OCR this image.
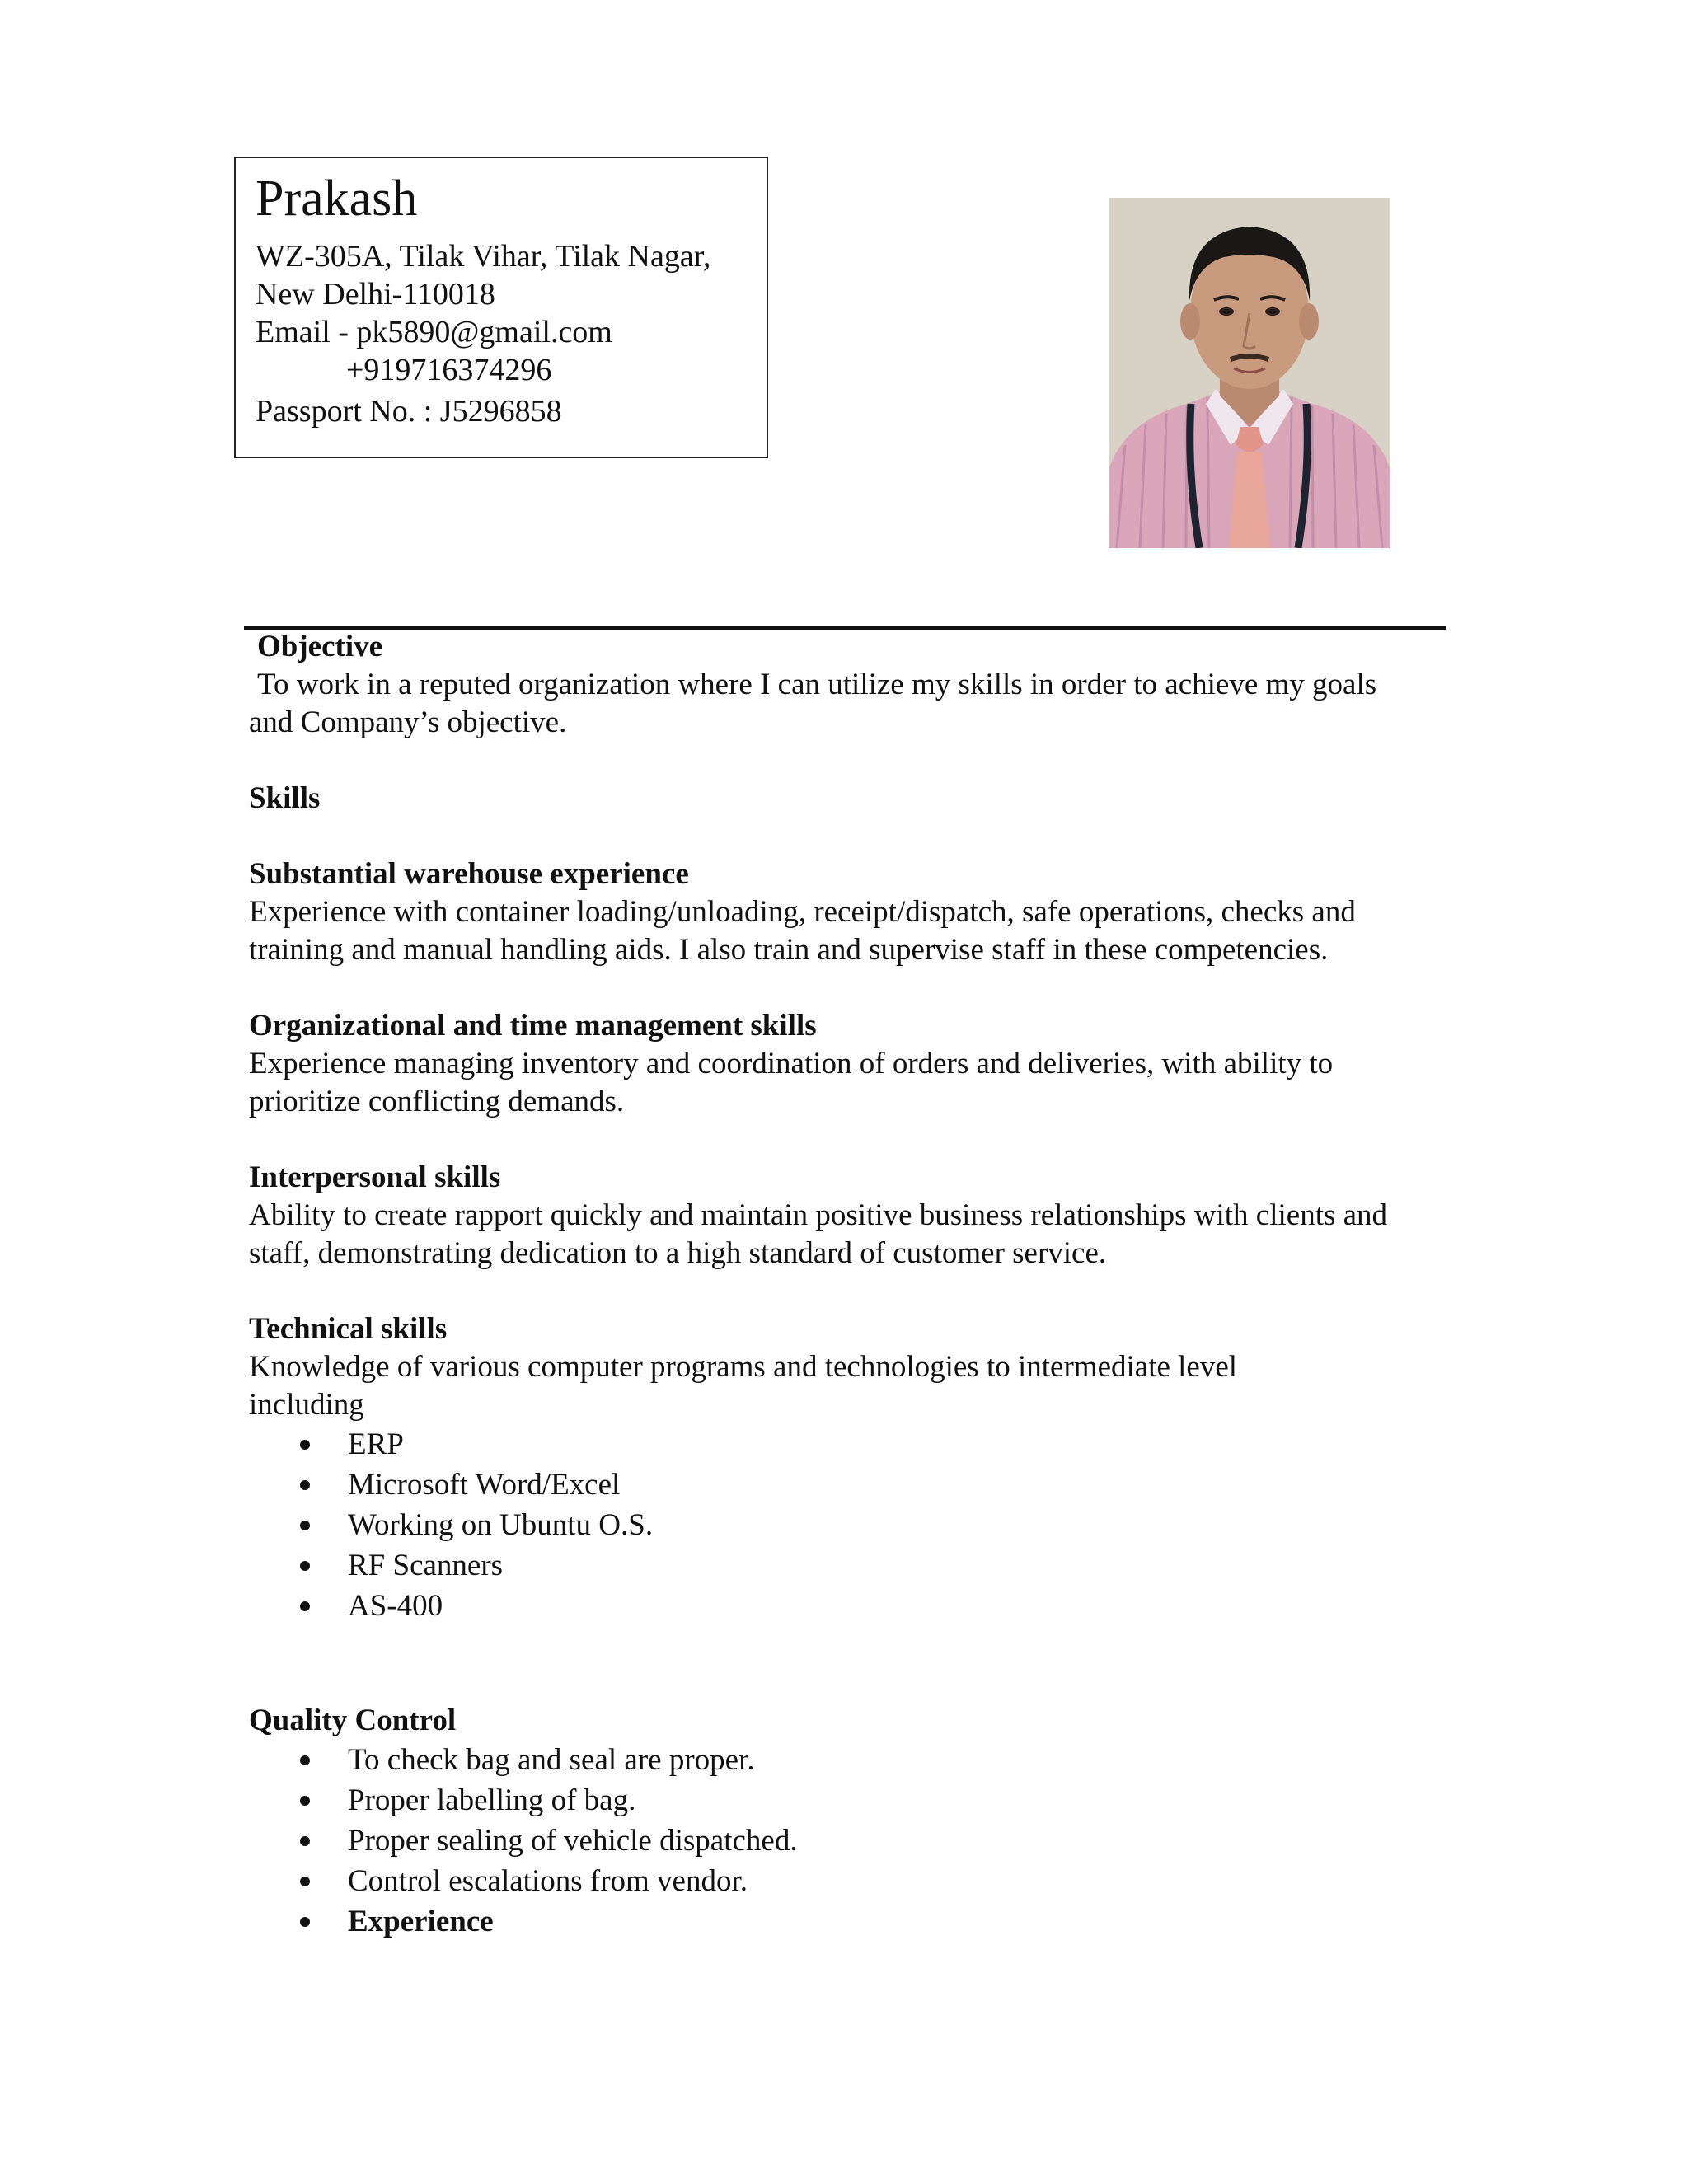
Prakash
WZ-305A, Tilak Vihar, Tilak Nagar,
New Delhi-110018
Email - pk5890@gmail.com
+919716374296
Passport No. : J5296858
Objective
To work in a reputed organization where I can utilize my skills in order to achieve my goals and Company’s objective.
Skills
Substantial warehouse experience
Experience with container loading/unloading, receipt/dispatch, safe operations, checks and training and manual handling aids. I also train and supervise staff in these competencies.
Organizational and time management skills
Experience managing inventory and coordination of orders and deliveries, with ability to prioritize conflicting demands.
Interpersonal skills
Ability to create rapport quickly and maintain positive business relationships with clients and staff, demonstrating dedication to a high standard of customer service.
Technical skills
Knowledge of various computer programs and technologies to intermediate level including
ERP
Microsoft Word/Excel
Working on Ubuntu O.S.
RF Scanners
AS-400
Quality Control
To check bag and seal are proper.
Proper labelling of bag.
Proper sealing of vehicle dispatched.
Control escalations from vendor.
Experience
